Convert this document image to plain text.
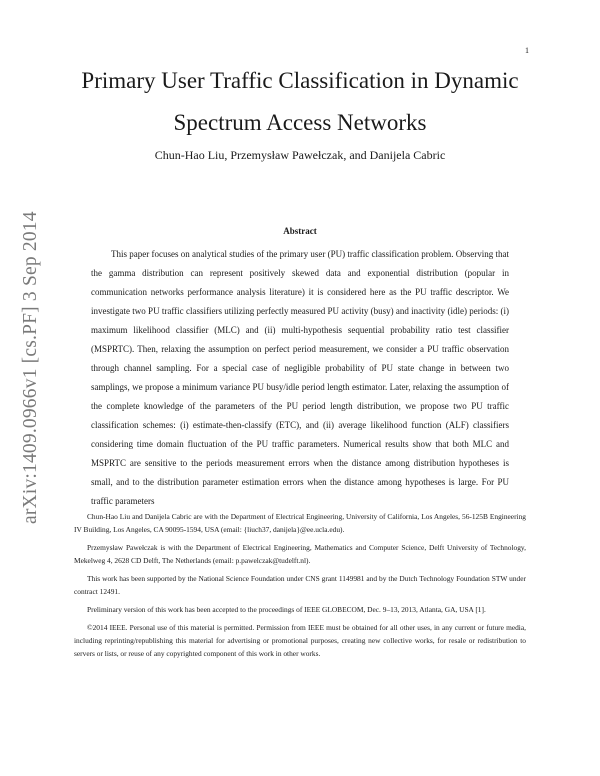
1
arXiv:1409.0966v1 [cs.PF] 3 Sep 2014
Primary User Traffic Classification in Dynamic Spectrum Access Networks
Chun-Hao Liu, Przemysław Pawełczak, and Danijela Cabric
Abstract

This paper focuses on analytical studies of the primary user (PU) traffic classification problem. Observing that the gamma distribution can represent positively skewed data and exponential distribution (popular in communication networks performance analysis literature) it is considered here as the PU traffic descriptor. We investigate two PU traffic classifiers utilizing perfectly measured PU activity (busy) and inactivity (idle) periods: (i) maximum likelihood classifier (MLC) and (ii) multi-hypothesis sequential probability ratio test classifier (MSPRTC). Then, relaxing the assumption on perfect period measurement, we consider a PU traffic observation through channel sampling. For a special case of negligible probability of PU state change in between two samplings, we propose a minimum variance PU busy/idle period length estimator. Later, relaxing the assumption of the complete knowledge of the parameters of the PU period length distribution, we propose two PU traffic classification schemes: (i) estimate-then-classify (ETC), and (ii) average likelihood function (ALF) classifiers considering time domain fluctuation of the PU traffic parameters. Numerical results show that both MLC and MSPRTC are sensitive to the periods measurement errors when the distance among distribution hypotheses is small, and to the distribution parameter estimation errors when the distance among hypotheses is large. For PU traffic parameters

Chun-Hao Liu and Danijela Cabric are with the Department of Electrical Engineering, University of California, Los Angeles, 56-125B Engineering IV Building, Los Angeles, CA 90095-1594, USA (email: {liuch37, danijela}@ee.ucla.edu).

Przemysław Pawełczak is with the Department of Electrical Engineering, Mathematics and Computer Science, Delft University of Technology, Mekelweg 4, 2628 CD Delft, The Netherlands (email: p.pawelczak@tudelft.nl).

This work has been supported by the National Science Foundation under CNS grant 1149981 and by the Dutch Technology Foundation STW under contract 12491.

Preliminary version of this work has been accepted to the proceedings of IEEE GLOBECOM, Dec. 9–13, 2013, Atlanta, GA, USA [1].

©2014 IEEE. Personal use of this material is permitted. Permission from IEEE must be obtained for all other uses, in any current or future media, including reprinting/republishing this material for advertising or promotional purposes, creating new collective works, for resale or redistribution to servers or lists, or reuse of any copyrighted component of this work in other works.
